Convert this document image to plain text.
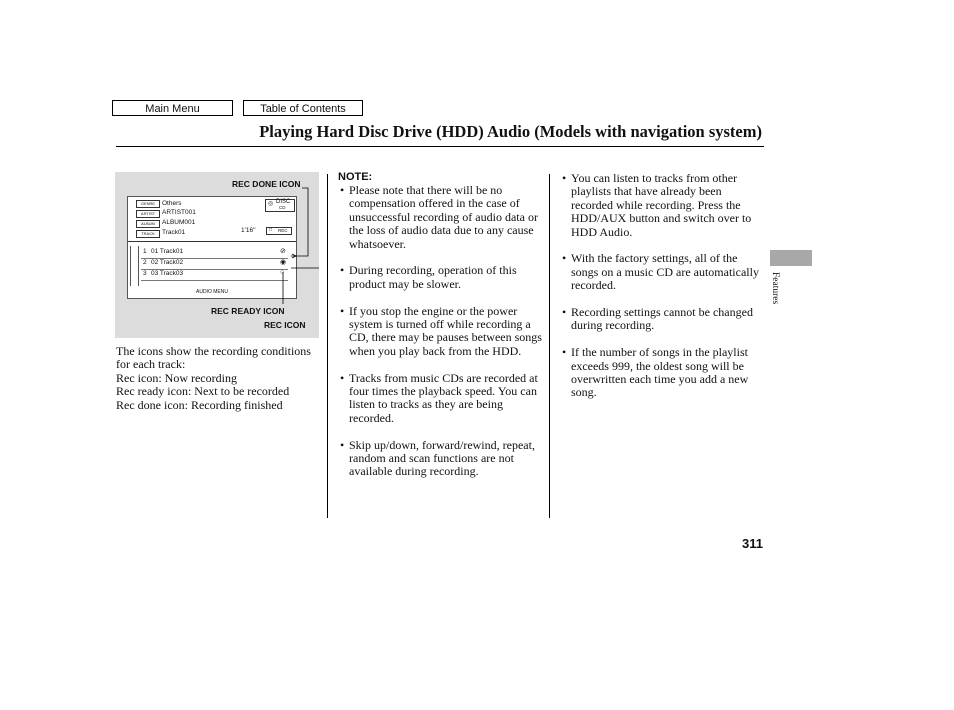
Main Menu	Table of Contents
Playing Hard Disc Drive (HDD) Audio (Models with navigation system)
REC DONE ICON
REC READY ICON
REC ICON
GENRE	Others
ARTIST	ARTIST001
ALBUM	ALBUM001
TRACK	Track01
◎ DISC
CD
1'16''	□ REC
1 01 Track01	⊘
2 02 Track02	◉
3 03 Track03	○
AUDIO MENU

The icons show the recording conditions for each track:

Rec icon: Now recording

Rec ready icon: Next to be recorded

Rec done icon: Recording finished

NOTE:
• Please note that there will be no compensation offered in the case of unsuccessful recording of audio data or the loss of audio data due to any cause whatsoever.
• During recording, operation of this product may be slower.
• If you stop the engine or the power system is turned off while recording a CD, there may be pauses between songs when you play back from the HDD.
• Tracks from music CDs are recorded at four times the playback speed. You can listen to tracks as they are being recorded.
• Skip up/down, forward/rewind, repeat, random and scan functions are not available during recording.
• You can listen to tracks from other playlists that have already been recorded while recording. Press the HDD/AUX button and switch over to HDD Audio.
• With the factory settings, all of the songs on a music CD are automatically recorded.
• Recording settings cannot be changed during recording.
• If the number of songs in the playlist exceeds 999, the oldest song will be overwritten each time you add a new song.
Features
311
